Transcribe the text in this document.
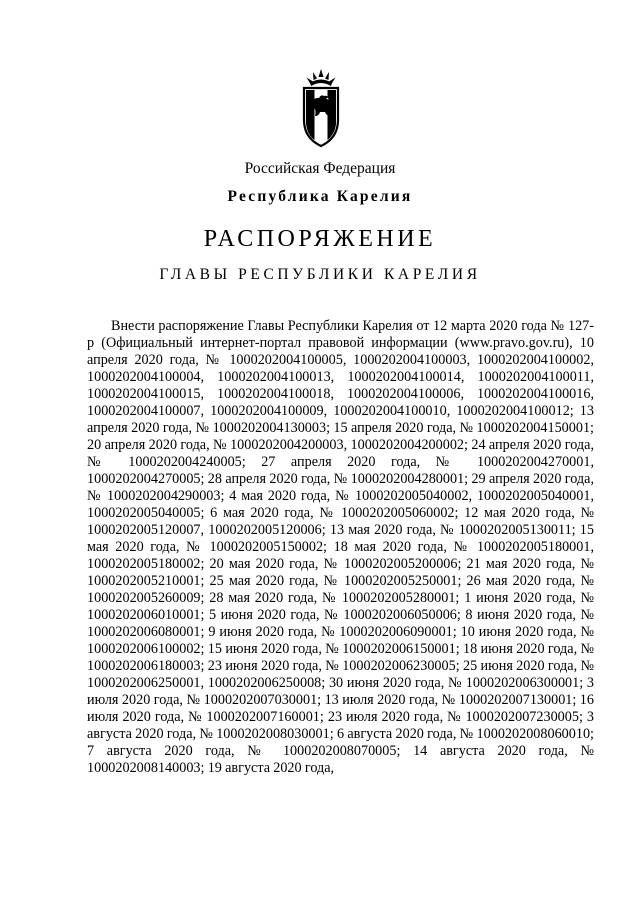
Российская Федерация
Республика Карелия
РАСПОРЯЖЕНИЕ
ГЛАВЫ РЕСПУБЛИКИ КАРЕЛИЯ

Внести распоряжение Главы Республики Карелия от 12 марта 2020 года № 127-р (Официальный интернет-портал правовой информации (www.pravo.gov.ru), 10 апреля 2020 года, № 1000202004100005, 1000202004100003, 1000202004100002, 1000202004100004, 1000202004100013, 1000202004100014, 1000202004100011, 1000202004100015, 1000202004100018, 1000202004100006, 1000202004100016, 1000202004100007, 1000202004100009, 1000202004100010, 1000202004100012; 13 апреля 2020 года, № 1000202004130003; 15 апреля 2020 года, № 1000202004150001; 20 апреля 2020 года, № 1000202004200003, 1000202004200002; 24 апреля 2020 года, № 1000202004240005; 27 апреля 2020 года, № 1000202004270001, 1000202004270005; 28 апреля 2020 года, № 1000202004280001; 29 апреля 2020 года, № 1000202004290003; 4 мая 2020 года, № 1000202005040002, 1000202005040001, 1000202005040005; 6 мая 2020 года, № 1000202005060002; 12 мая 2020 года, № 1000202005120007, 1000202005120006; 13 мая 2020 года, № 1000202005130011; 15 мая 2020 года, № 1000202005150002; 18 мая 2020 года, № 1000202005180001, 1000202005180002; 20 мая 2020 года, № 1000202005200006; 21 мая 2020 года, № 1000202005210001; 25 мая 2020 года, № 1000202005250001; 26 мая 2020 года, № 1000202005260009; 28 мая 2020 года, № 1000202005280001; 1 июня 2020 года, № 1000202006010001; 5 июня 2020 года, № 1000202006050006; 8 июня 2020 года, № 1000202006080001; 9 июня 2020 года, № 1000202006090001; 10 июня 2020 года, № 1000202006100002; 15 июня 2020 года, № 1000202006150001; 18 июня 2020 года, № 1000202006180003; 23 июня 2020 года, № 1000202006230005; 25 июня 2020 года, № 1000202006250001, 1000202006250008; 30 июня 2020 года, № 1000202006300001; 3 июля 2020 года, № 1000202007030001; 13 июля 2020 года, № 1000202007130001; 16 июля 2020 года, № 1000202007160001; 23 июля 2020 года, № 1000202007230005; 3 августа 2020 года, № 1000202008030001; 6 августа 2020 года, № 1000202008060010; 7 августа 2020 года, № 1000202008070005; 14 августа 2020 года, № 1000202008140003; 19 августа 2020 года,
